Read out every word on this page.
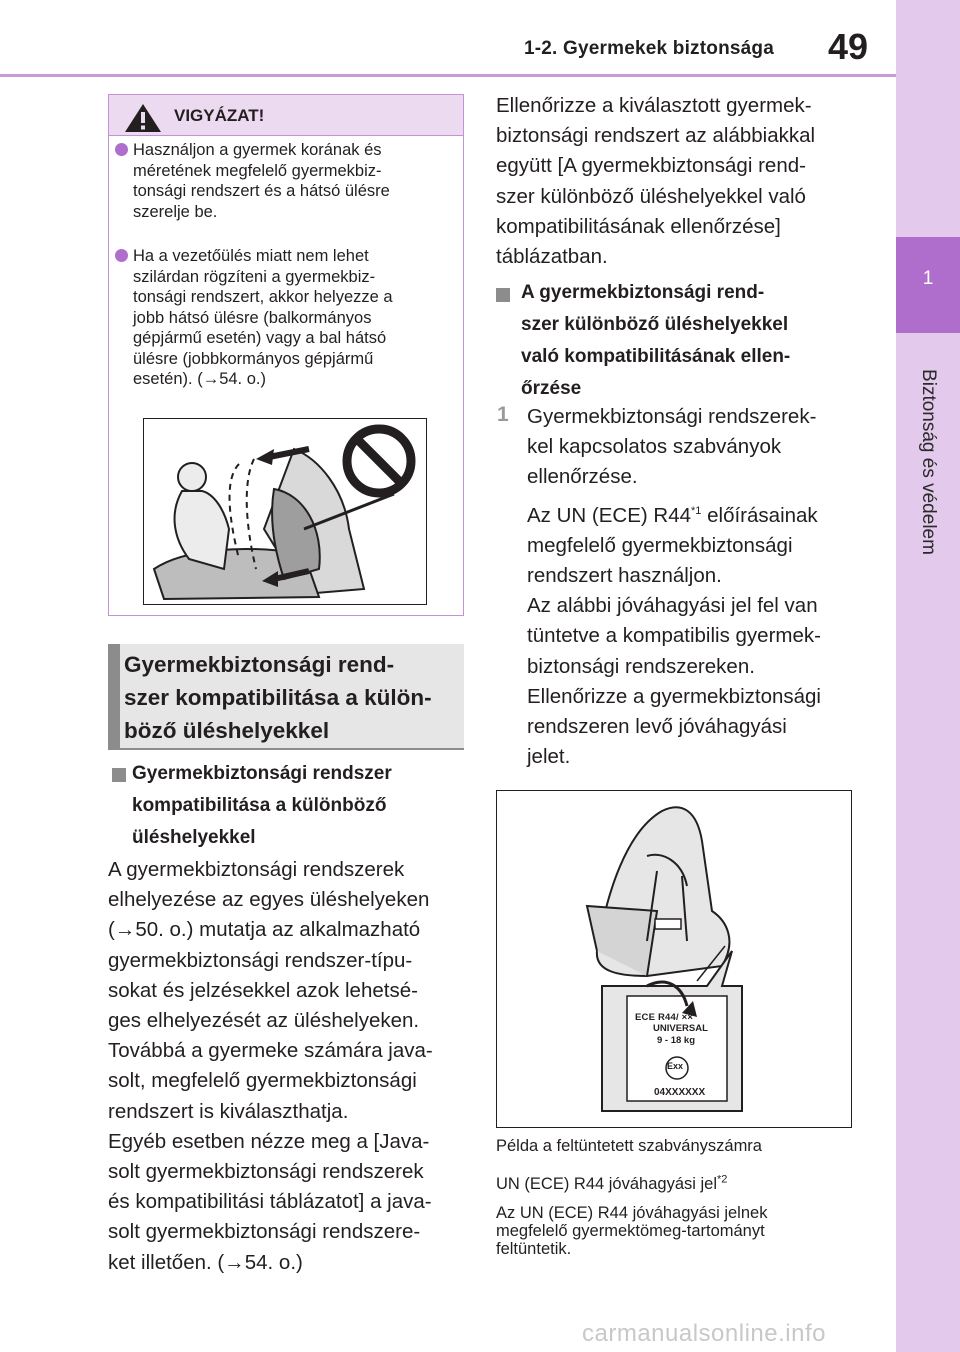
1-2. Gyermekek biztonsága 49
1
Biztonság és védelem
VIGYÁZAT!
Használjon a gyermek korának és
méretének megfelelő gyermekbiz-
tonsági rendszert és a hátsó ülésre
szerelje be.
Ha a vezetőülés miatt nem lehet
szilárdan rögzíteni a gyermekbiz-
tonsági rendszert, akkor helyezze a
jobb hátsó ülésre (balkormányos
gépjármű esetén) vagy a bal hátsó
ülésre (jobbkormányos gépjármű
esetén). (→54. o.)
Gyermekbiztonsági rend-
szer kompatibilitása a külön-
böző üléshelyekkel
Gyermekbiztonsági rendszer
kompatibilitása a különböző
üléshelyekkel
A gyermekbiztonsági rendszerek
elhelyezése az egyes üléshelyeken
(→50. o.) mutatja az alkalmazható
gyermekbiztonsági rendszer-típu-
sokat és jelzésekkel azok lehetsé-
ges elhelyezését az üléshelyeken.
Továbbá a gyermeke számára java-
solt, megfelelő gyermekbiztonsági
rendszert is kiválaszthatja.
Egyéb esetben nézze meg a [Java-
solt gyermekbiztonsági rendszerek
és kompatibilitási táblázatot] a java-
solt gyermekbiztonsági rendszere-
ket illetően. (→54. o.)
Ellenőrizze a kiválasztott gyermek-
biztonsági rendszert az alábbiakkal
együtt [A gyermekbiztonsági rend-
szer különböző üléshelyekkel való
kompatibilitásának ellenőrzése]
táblázatban.
A gyermekbiztonsági rend-
szer különböző üléshelyekkel
való kompatibilitásának ellen-
őrzése
1 Gyermekbiztonsági rendszerek-
kel kapcsolatos szabványok
ellenőrzése.
Az UN (ECE) R44$^{*1}$ előírásainak
megfelelő gyermekbiztonsági
rendszert használjon.
Az alábbi jóváhagyási jel fel van
tüntetve a kompatibilis gyermek-
biztonsági rendszereken.
Ellenőrizze a gyermekbiztonsági
rendszeren levő jóváhagyási
jelet.
ECE R44/ ××
UNIVERSAL
9 - 18 kg
Exx
04XXXXXX
Példa a feltüntetett szabványszámra
UN (ECE) R44 jóváhagyási jel$^{*2}$
Az UN (ECE) R44 jóváhagyási jelnek
megfelelő gyermektömeg-tartományt
feltüntetik.
carmanualsonline.info
